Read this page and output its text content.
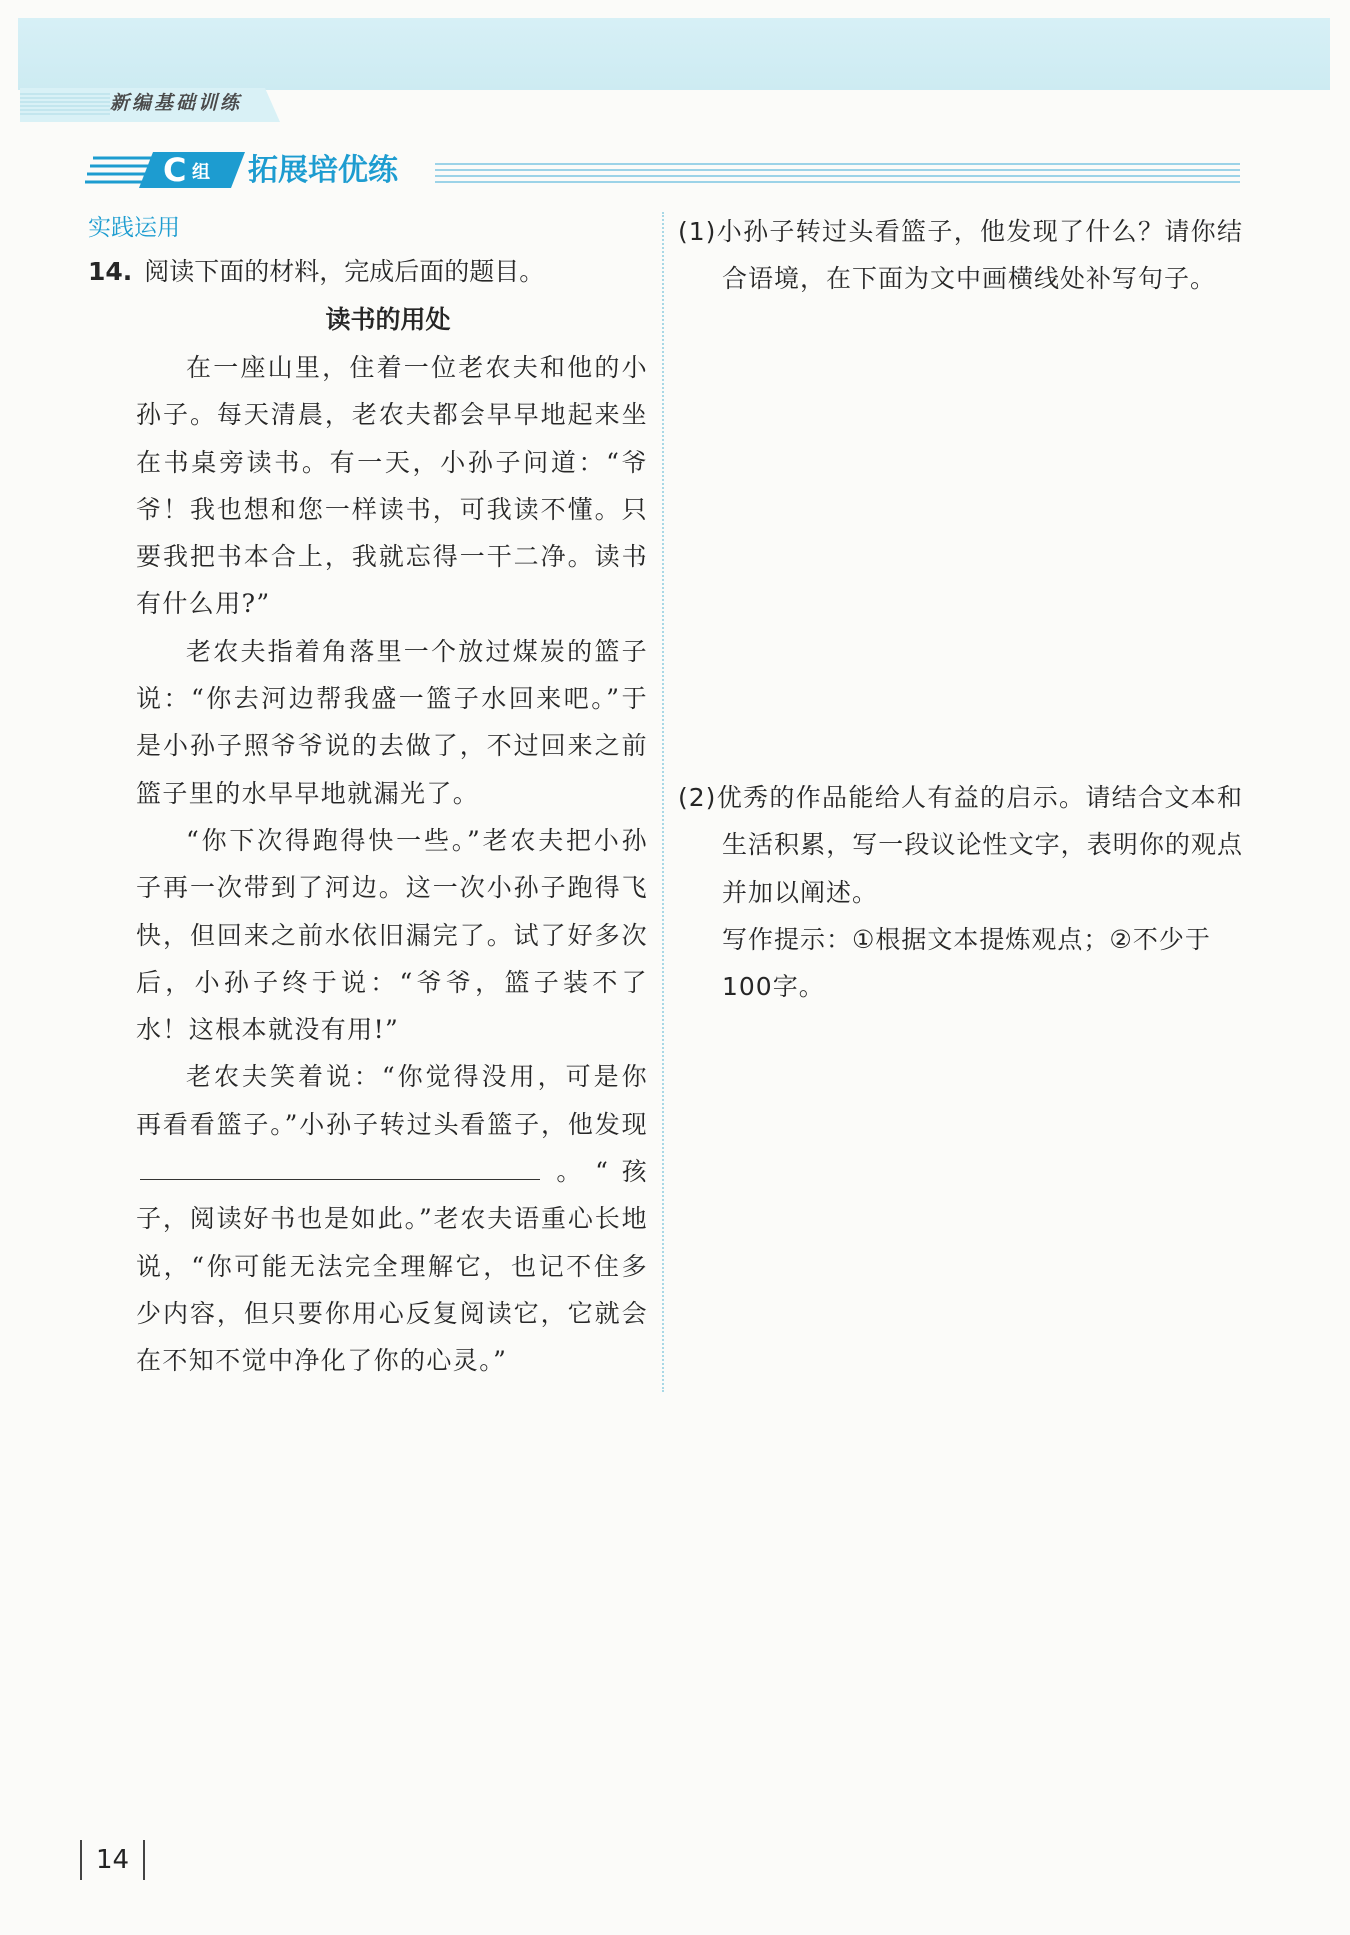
新编基础训练
C 组 拓展培优练
实践运用
14. 阅读下面的材料，完成后面的题目。
读书的用处

在一座山里，住着一位老农夫和他的小孙子。每天清晨，老农夫都会早早地起来坐在书桌旁读书。有一天，小孙子问道：“爷爷！我也想和您一样读书，可我读不懂。只要我把书本合上，我就忘得一干二净。读书有什么用?”

老农夫指着角落里一个放过煤炭的篮子说：“你去河边帮我盛一篮子水回来吧。”于是小孙子照爷爷说的去做了，不过回来之前篮子里的水早早地就漏光了。

“你下次得跑得快一些。”老农夫把小孙子再一次带到了河边。这一次小孙子跑得飞快，但回来之前水依旧漏完了。试了好多次后，小孙子终于说：“爷爷，篮子装不了水！这根本就没有用!”

老农夫笑着说：“你觉得没用，可是你再看看篮子。”小孙子转过头看篮子，他发现。“孩子，阅读好书也是如此。”老农夫语重心长地说，“你可能无法完全理解它，也记不住多少内容，但只要你用心反复阅读它，它就会在不知不觉中净化了你的心灵。”

(1)小孙子转过头看篮子，他发现了什么？请你结合语境，在下面为文中画横线处补写句子。
(2)优秀的作品能给人有益的启示。请结合文本和生活积累，写一段议论性文字，表明你的观点并加以阐述。
写作提示：①根据文本提炼观点；②不少于100字。
14
